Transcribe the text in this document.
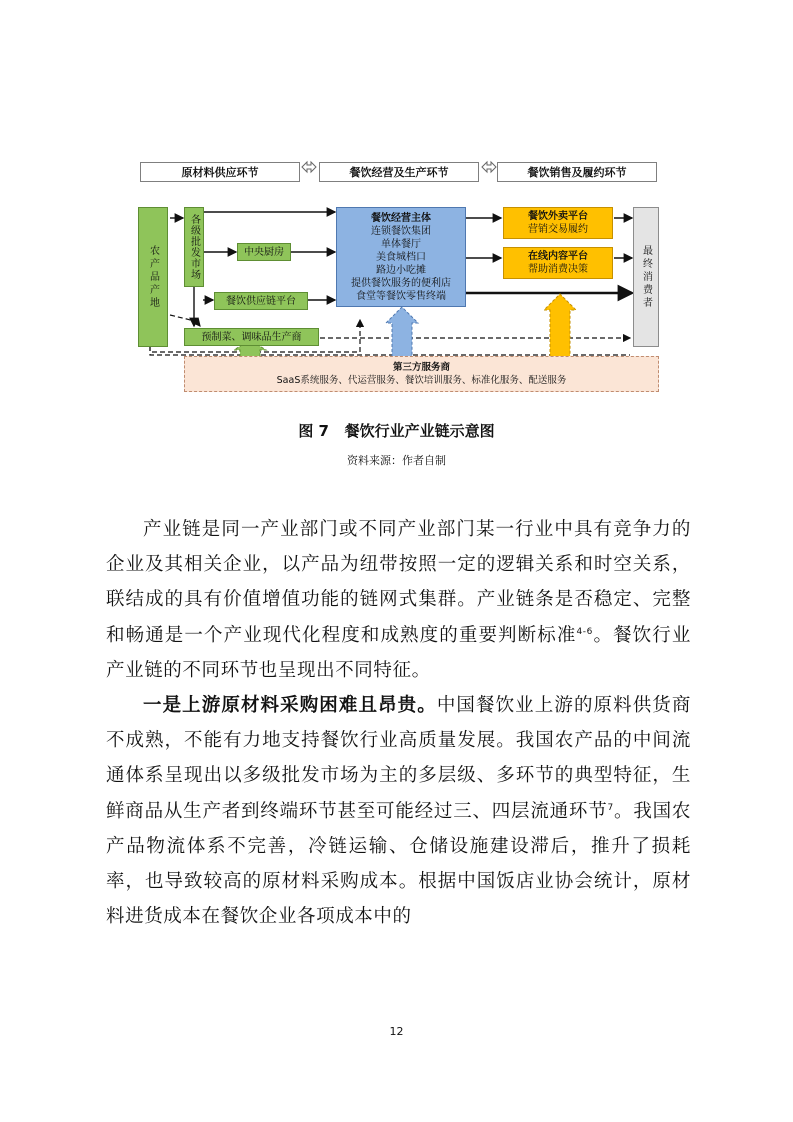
原材料供应环节	餐饮经营及生产环节	餐饮销售及履约环节
农产品产地	各级批发市场	中央厨房
餐饮供应链平台
预制菜、调味品生产商
餐饮经营主体
连锁餐饮集团
单体餐厅
美食城档口
路边小吃摊
提供餐饮服务的便利店
食堂等餐饮零售终端
餐饮外卖平台
营销交易履约
在线内容平台
帮助消费决策	最终消费者
第三方服务商
SaaS系统服务、代运营服务、餐饮培训服务、标准化服务、配送服务
图 7 餐饮行业产业链示意图
资料来源：作者自制

产业链是同一产业部门或不同产业部门某一行业中具有竞争力的企业及其相关企业，以产品为纽带按照一定的逻辑关系和时空关系，联结成的具有价值增值功能的链网式集群。产业链条是否稳定、完整和畅通是一个产业现代化程度和成熟度的重要判断标准$^{4-6}$。餐饮行业产业链的不同环节也呈现出不同特征。

一是上游原材料采购困难且昂贵。中国餐饮业上游的原料供货商不成熟，不能有力地支持餐饮行业高质量发展。我国农产品的中间流通体系呈现出以多级批发市场为主的多层级、多环节的典型特征，生鲜商品从生产者到终端环节甚至可能经过三、四层流通环节$^7$。我国农产品物流体系不完善，冷链运输、仓储设施建设滞后，推升了损耗率，也导致较高的原材料采购成本。根据中国饭店业协会统计，原材料进货成本在餐饮企业各项成本中的

12
